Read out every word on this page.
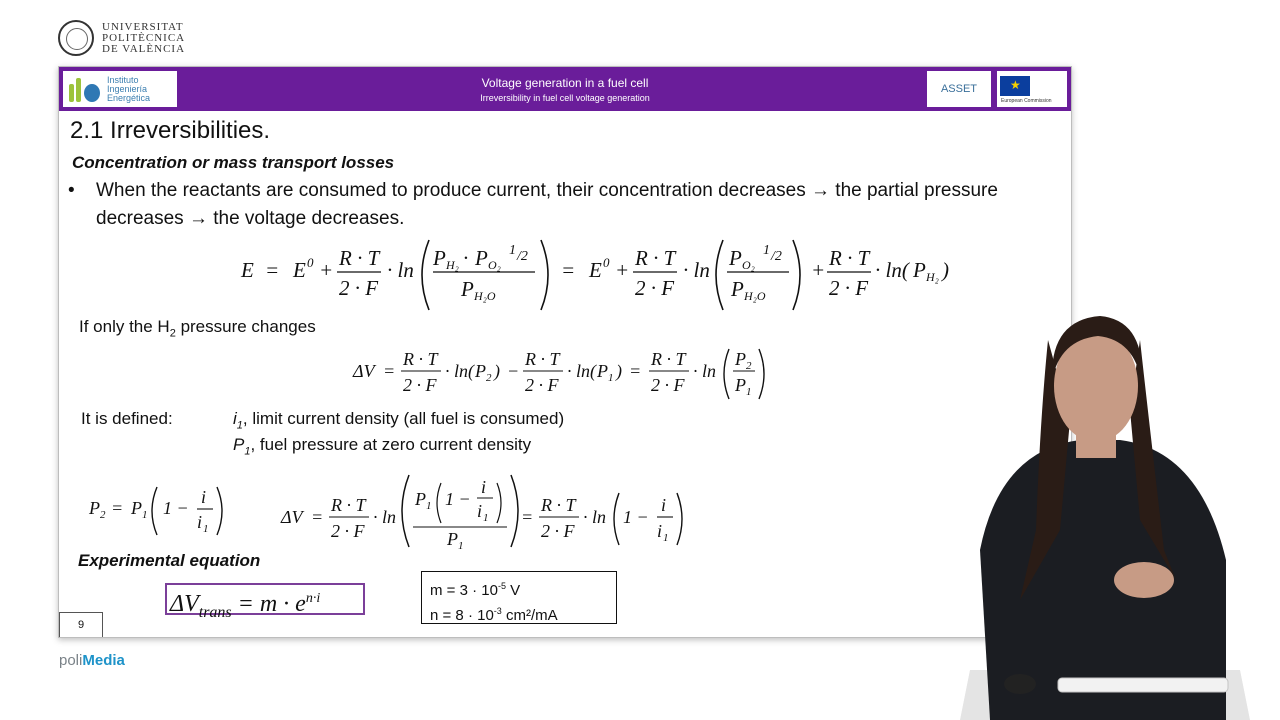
UNIVERSITAT
POLITÈCNICA
DE VALÈNCIA
Instituto
Ingeniería
Energética
Voltage generation in a fuel cell
Irreversibility in fuel cell voltage generation
ASSET
★
European Commission
2.1 Irreversibilities.
Concentration or mass transport losses
• When the reactants are consumed to produce current, their concentration decreases → the partial pressure decreases → the voltage decreases.
E = E 0 + R · T
2 · F
· ln P H₂ · P O₂
1 /2
P H₂O
= E 0 + R · T
2 · F
· ln P O₂
1 /2
P H₂O
+ R · T
2 · F
· ln( P H₂ )
If only the $H_2$ pressure changes
ΔV =
R · T
2 · F
· ln( P 2 ) −
R · T
2 · F
· ln( P 1 ) =
R · T
2 · F
· ln
P 2
P 1
It is defined:	$i_1$, limit current density (all fuel is consumed)
$P_1$, fuel pressure at zero current density
P 2 = P 1 1 −
i
i 1
ΔV =
R · T
2 · F
· ln
P 1 1 −
i
i 1
P 1
=
R · T
2 · F
· ln 1 −
i
i 1
Experimental equation
$\Delta V_{trans} = m \cdot e^{n\cdot i}$	$m = 3 \cdot 10^{-5}$ V
$n = 8 \cdot 10^{-3}$ cm²/mA
9
poliMedia
